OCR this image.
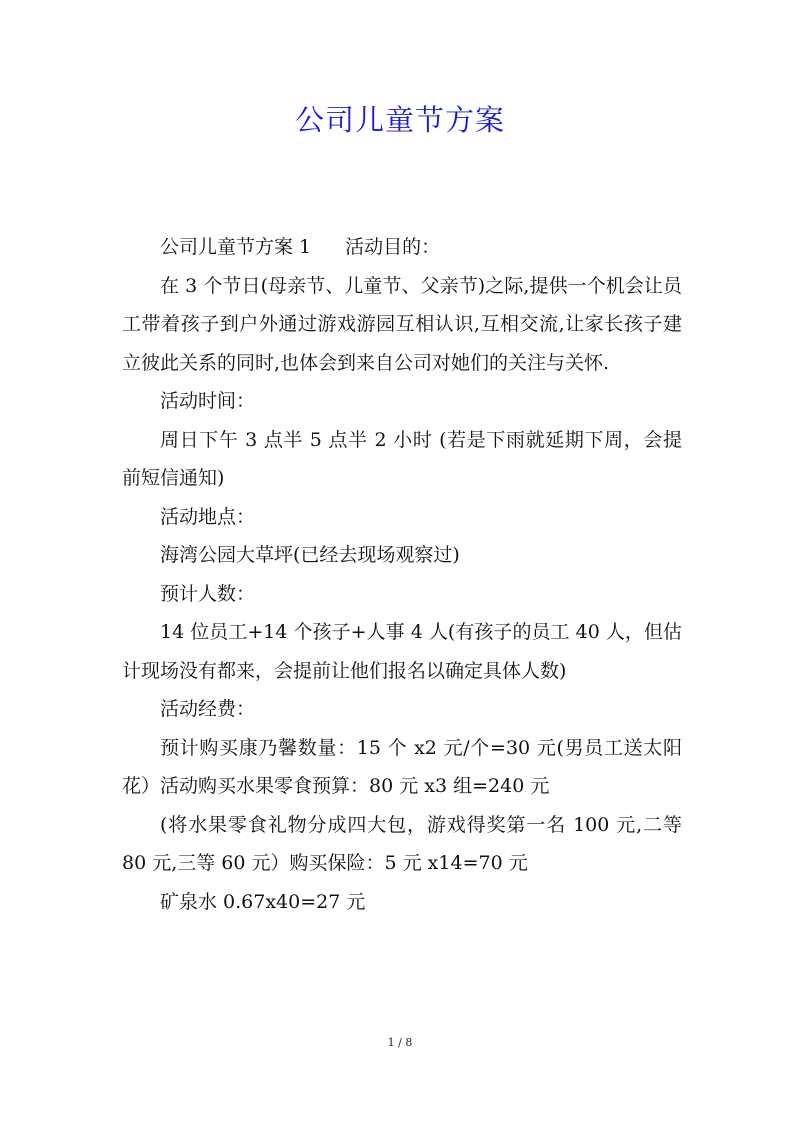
公司儿童节方案

公司儿童节方案 1 活动目的：

在 3 个节日(母亲节、儿童节、父亲节)之际,提供一个机会让员工带着孩子到户外通过游戏游园互相认识,互相交流,让家长孩子建立彼此关系的同时,也体会到来自公司对她们的关注与关怀.

活动时间：

周日下午 3 点半 5 点半 2 小时 (若是下雨就延期下周，会提前短信通知)

活动地点：

海湾公园大草坪(已经去现场观察过)

预计人数：

14 位员工+14 个孩子+人事 4 人(有孩子的员工 40 人，但估计现场没有都来，会提前让他们报名以确定具体人数)

活动经费：

预计购买康乃馨数量：15 个 x2 元/个=30 元(男员工送太阳花）活动购买水果零食预算：80 元 x3 组=240 元

(将水果零食礼物分成四大包，游戏得奖第一名 100 元,二等 80 元,三等 60 元）购买保险：5 元 x14=70 元

矿泉水 0.67x40=27 元

1 / 8
